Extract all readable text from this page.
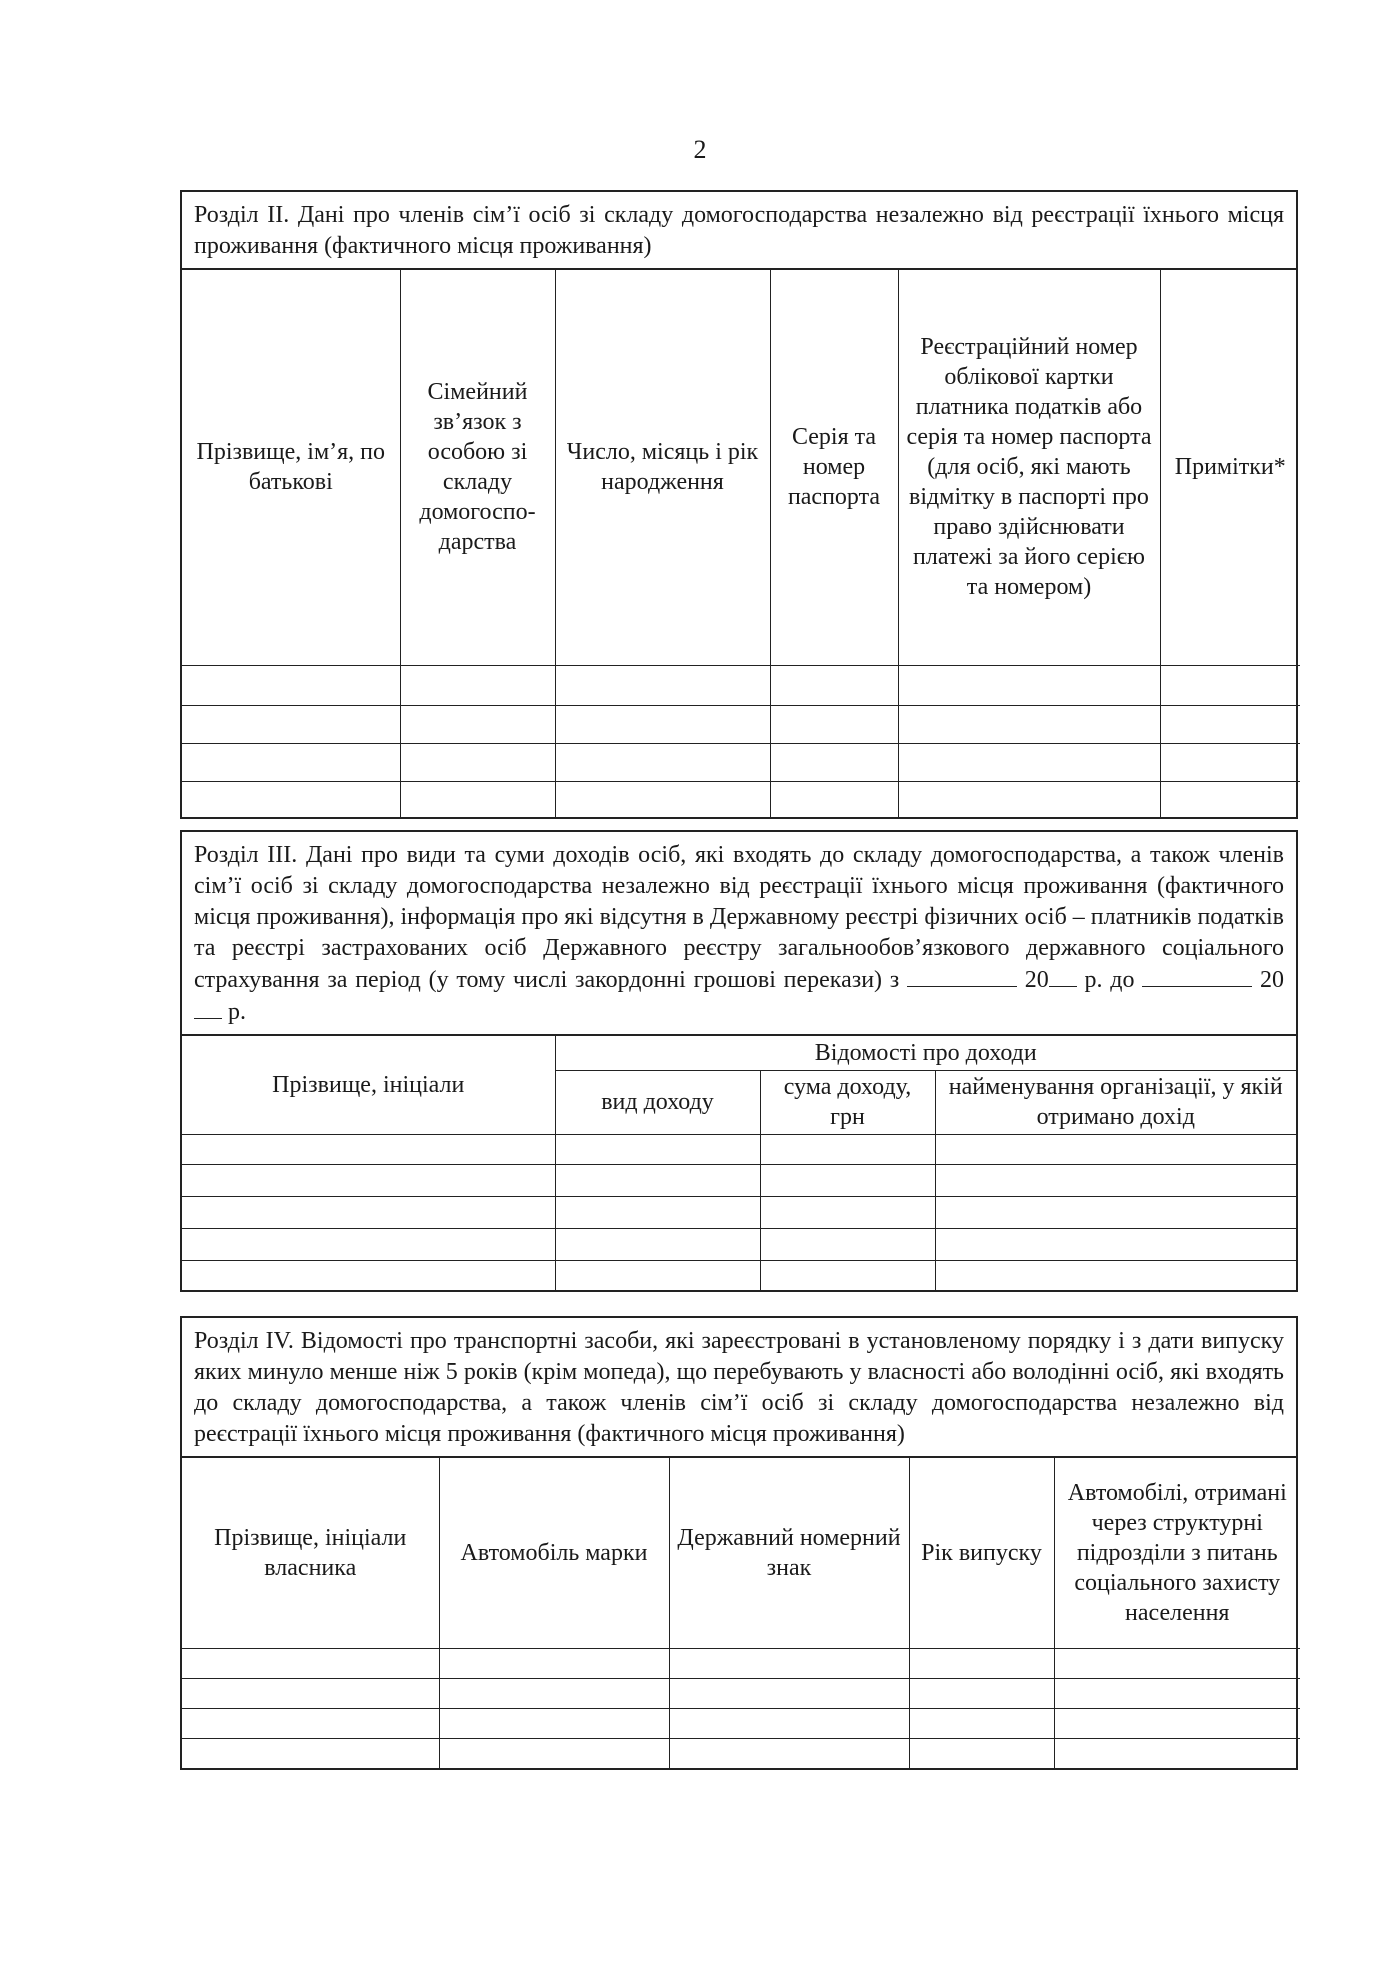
2
Розділ II. Дані про членів сім’ї осіб зі складу домогосподарства незалежно від реєстрації їхнього місця проживання (фактичного місця проживання)
Прізвище, ім’я, по батькові	Сімейний зв’язок з особою зі складу домогоспо-дарства	Число, місяць і рік народження	Серія та номер паспорта	Реєстраційний номер облікової картки платника податків або серія та номер паспорта (для осіб, які мають відмітку в паспорті про право здійснювати платежі за його серією та номером)	Примітки*

Розділ III. Дані про види та суми доходів осіб, які входять до складу домогосподарства, а також членів сім’ї осіб зі складу домогосподарства незалежно від реєстрації їхнього місця проживання (фактичного місця проживання), інформація про які відсутня в Державному реєстрі фізичних осіб – платників податків та реєстрі застрахованих осіб Державного реєстру загальнообов’язкового державного соціального страхування за період (у тому числі закордонні грошові перекази) з	20 р. до	20 р.
Прізвище, ініціали	Відомості про доходи		
	вид доходу	сума доходу, грн	найменування організації, у якій отримано дохід

Розділ IV. Відомості про транспортні засоби, які зареєстровані в установленому порядку і з дати випуску яких минуло менше ніж 5 років (крім мопеда), що перебувають у власності або володінні осіб, які входять до складу домогосподарства, а також членів сім’ї осіб зі складу домогосподарства незалежно від реєстрації їхнього місця проживання (фактичного місця проживання)
Прізвище, ініціали власника	Автомобіль марки	Державний номерний знак	Рік випуску	Автомобілі, отримані через структурні підрозділи з питань соціального захисту населення
